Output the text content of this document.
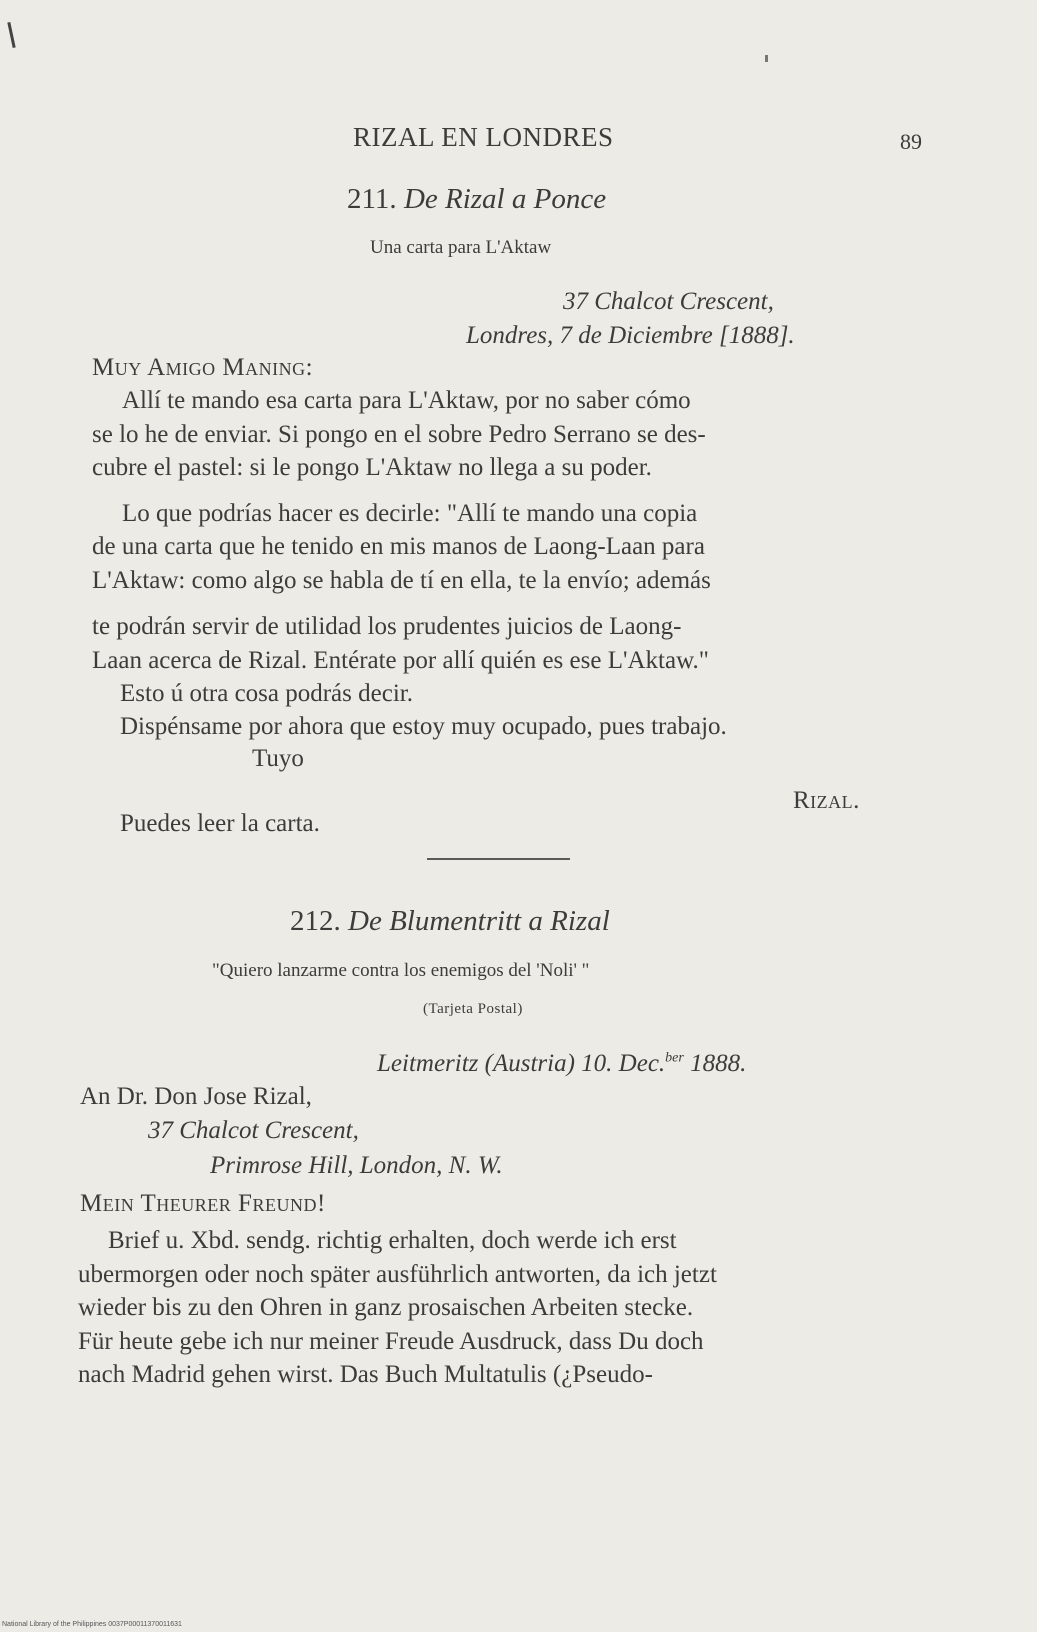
RIZAL EN LONDRES	89
211. De Rizal a Ponce
Una carta para L'Aktaw
37 Chalcot Crescent,
Londres, 7 de Diciembre [1888].
Muy Amigo Maning:
Allí te mando esa carta para L'Aktaw, por no saber cómo
se lo he de enviar. Si pongo en el sobre Pedro Serrano se des-
cubre el pastel: si le pongo L'Aktaw no llega a su poder.
Lo que podrías hacer es decirle: "Allí te mando una copia
de una carta que he tenido en mis manos de Laong-Laan para
L'Aktaw: como algo se habla de tí en ella, te la envío; además
te podrán servir de utilidad los prudentes juicios de Laong-
Laan acerca de Rizal. Entérate por allí quién es ese L'Aktaw."
Esto ú otra cosa podrás decir.
Dispénsame por ahora que estoy muy ocupado, pues trabajo.
Tuyo
Rizal.
Puedes leer la carta.
212. De Blumentritt a Rizal
"Quiero lanzarme contra los enemigos del 'Noli' "
(Tarjeta Postal)
Leitmeritz (Austria) 10. Dec.$^{ber}$ 1888.
An Dr. Don Jose Rizal,
37 Chalcot Crescent,
Primrose Hill, London, N. W.
Mein Theurer Freund!
Brief u. Xbd. sendg. richtig erhalten, doch werde ich erst
ubermorgen oder noch später ausführlich antworten, da ich jetzt
wieder bis zu den Ohren in ganz prosaischen Arbeiten stecke.
Für heute gebe ich nur meiner Freude Ausdruck, dass Du doch
nach Madrid gehen wirst. Das Buch Multatulis (¿Pseudo-
National Library of the Philippines 0037P00011370011631
